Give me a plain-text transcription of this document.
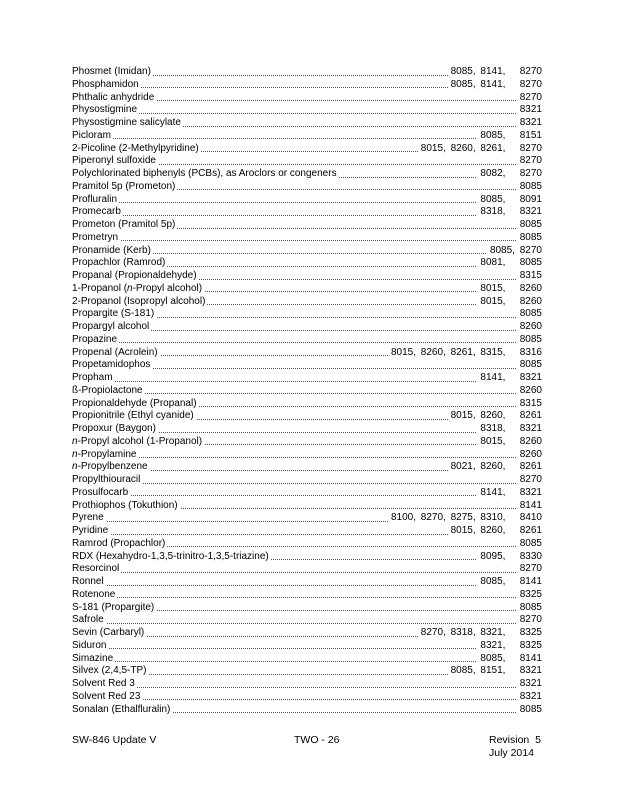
Phosmet (Imidan)	8085, 8141,   8270
Phosphamidon	8085, 8141,   8270
Phthalic anhydride	8270
Physostigmine	8321
Physostigmine salicylate	8321
Picloram	8085,   8151
2-Picoline (2-Methylpyridine)	8015, 8260, 8261,   8270
Piperonyl sulfoxide	8270
Polychlorinated biphenyls (PCBs), as Aroclors or congeners	8082,   8270
Pramitol 5p (Prometon)	8085
Profluralin	8085,   8091
Promecarb	8318,   8321
Prometon (Pramitol 5p)	8085
Prometryn	8085
Pronamide (Kerb)	8085, 8270
Propachlor (Ramrod)	8081,   8085
Propanal (Propionaldehyde)	8315
1-Propanol (n-Propyl alcohol)	8015,   8260
2-Propanol (Isopropyl alcohol)	8015,   8260
Propargite (S-181)	8085
Propargyl alcohol	8260
Propazine	8085
Propenal (Acrolein)	8015, 8260, 8261, 8315,   8316
Propetamidophos	8085
Propham	8141,   8321
ß-Propiolactone	8260
Propionaldehyde (Propanal)	8315
Propionitrile (Ethyl cyanide)	8015, 8260,   8261
Propoxur (Baygon)	8318,   8321
n-Propyl alcohol (1-Propanol)	8015,   8260
n-Propylamine	8260
n-Propylbenzene	8021, 8260,   8261
Propylthiouracil	8270
Prosulfocarb	8141,   8321
Prothiophos (Tokuthion)	8141
Pyrene	8100, 8270, 8275, 8310,   8410
Pyridine	8015, 8260,   8261
Ramrod (Propachlor)	8085
RDX (Hexahydro-1,3,5-trinitro-1,3,5-triazine)	8095,   8330
Resorcinol	8270
Ronnel	8085,   8141
Rotenone	8325
S-181 (Propargite)	8085
Safrole	8270
Sevin (Carbaryl)	8270, 8318, 8321,   8325
Siduron	8321,   8325
Simazine	8085,   8141
Silvex (2,4,5-TP)	8085, 8151,   8321
Solvent Red 3	8321
Solvent Red 23	8321
Sonalan (Ethalfluralin)	8085
SW-846 Update V	TWO - 26	Revision  5
July 2014
